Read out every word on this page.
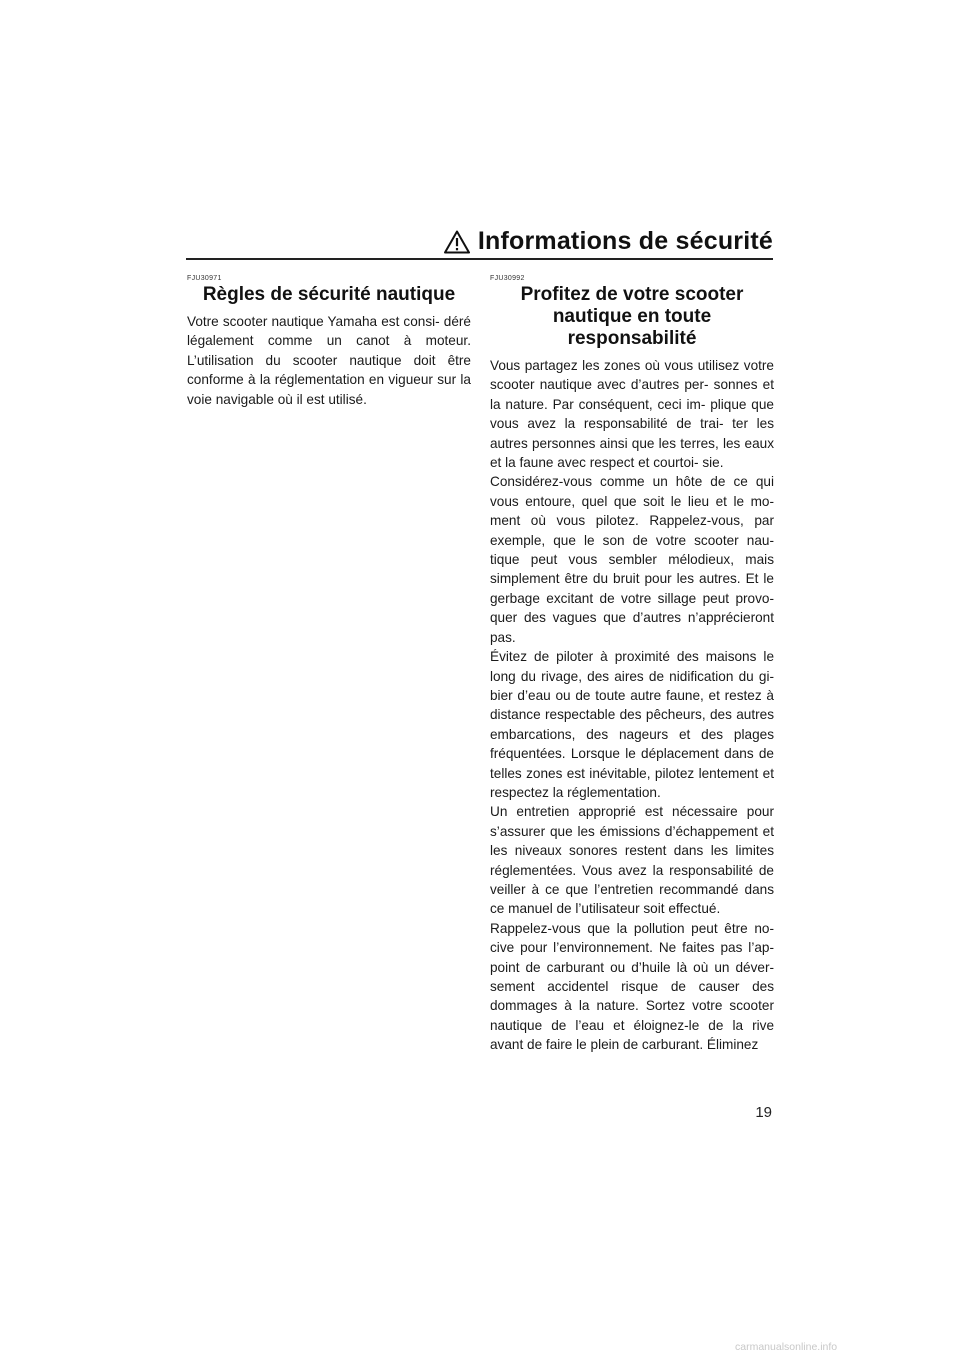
Informations de sécurité
FJU30971
Règles de sécurité nautique

Votre scooter nautique Yamaha est consi- déré légalement comme un canot à moteur. L’utilisation du scooter nautique doit être conforme à la réglementation en vigueur sur la voie navigable où il est utilisé.

FJU30992
Profitez de votre scooter
nautique en toute
responsabilité

Vous partagez les zones où vous utilisez votre scooter nautique avec d’autres per- sonnes et la nature. Par conséquent, ceci im- plique que vous avez la responsabilité de trai- ter les autres personnes ainsi que les terres, les eaux et la faune avec respect et courtoi- sie.

Considérez-vous comme un hôte de ce qui vous entoure, quel que soit le lieu et le mo- ment où vous pilotez. Rappelez-vous, par exemple, que le son de votre scooter nau- tique peut vous sembler mélodieux, mais simplement être du bruit pour les autres. Et le gerbage excitant de votre sillage peut provo- quer des vagues que d’autres n’apprécieront pas.

Évitez de piloter à proximité des maisons le long du rivage, des aires de nidification du gi- bier d’eau ou de toute autre faune, et restez à distance respectable des pêcheurs, des autres embarcations, des nageurs et des plages fréquentées. Lorsque le déplacement dans de telles zones est inévitable, pilotez lentement et respectez la réglementation.

Un entretien approprié est nécessaire pour s’assurer que les émissions d’échappement et les niveaux sonores restent dans les limites réglementées. Vous avez la responsabilité de veiller à ce que l’entretien recommandé dans ce manuel de l’utilisateur soit effectué.

Rappelez-vous que la pollution peut être no- cive pour l’environnement. Ne faites pas l’ap- point de carburant ou d’huile là où un déver- sement accidentel risque de causer des dommages à la nature. Sortez votre scooter nautique de l’eau et éloignez-le de la rive avant de faire le plein de carburant. Éliminez

19
carmanualsonline.info
